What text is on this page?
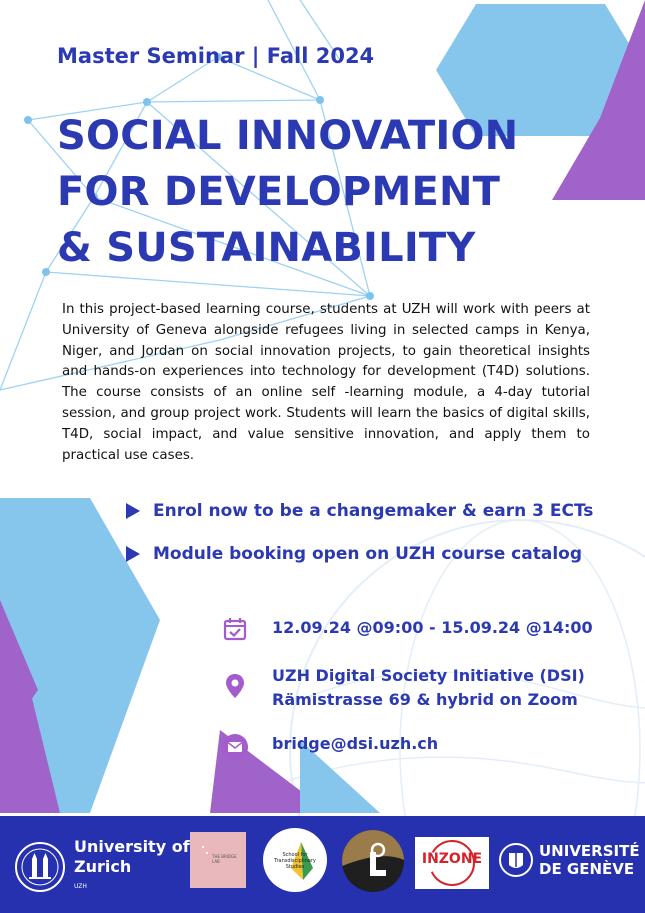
Master Seminar | Fall 2024
SOCIAL INNOVATION
FOR DEVELOPMENT
& SUSTAINABILITY

In this project-based learning course, students at UZH will work with peers at University of Geneva alongside refugees living in selected camps in Kenya, Niger, and Jordan on social innovation projects, to gain theoretical insights and hands-on experiences into technology for development (T4D) solutions. The course consists of an online self -learning module, a 4-day tutorial session, and group project work. Students will learn the basics of digital skills, T4D, social impact, and value sensitive innovation, and apply them to practical use cases.

Enrol now to be a changemaker & earn 3 ECTs
Module booking open on UZH course catalog
12.09.24 @09:00 - 15.09.24 @14:00
UZH Digital Society Initiative (DSI)
Rämistrasse 69 & hybrid on Zoom
bridge@dsi.uzh.ch
University of
Zurich
UZH
THE BRIDGE LAB
School for Transdisciplinary Studies	INZONE	UNIVERSITÉ
DE GENÈVE
